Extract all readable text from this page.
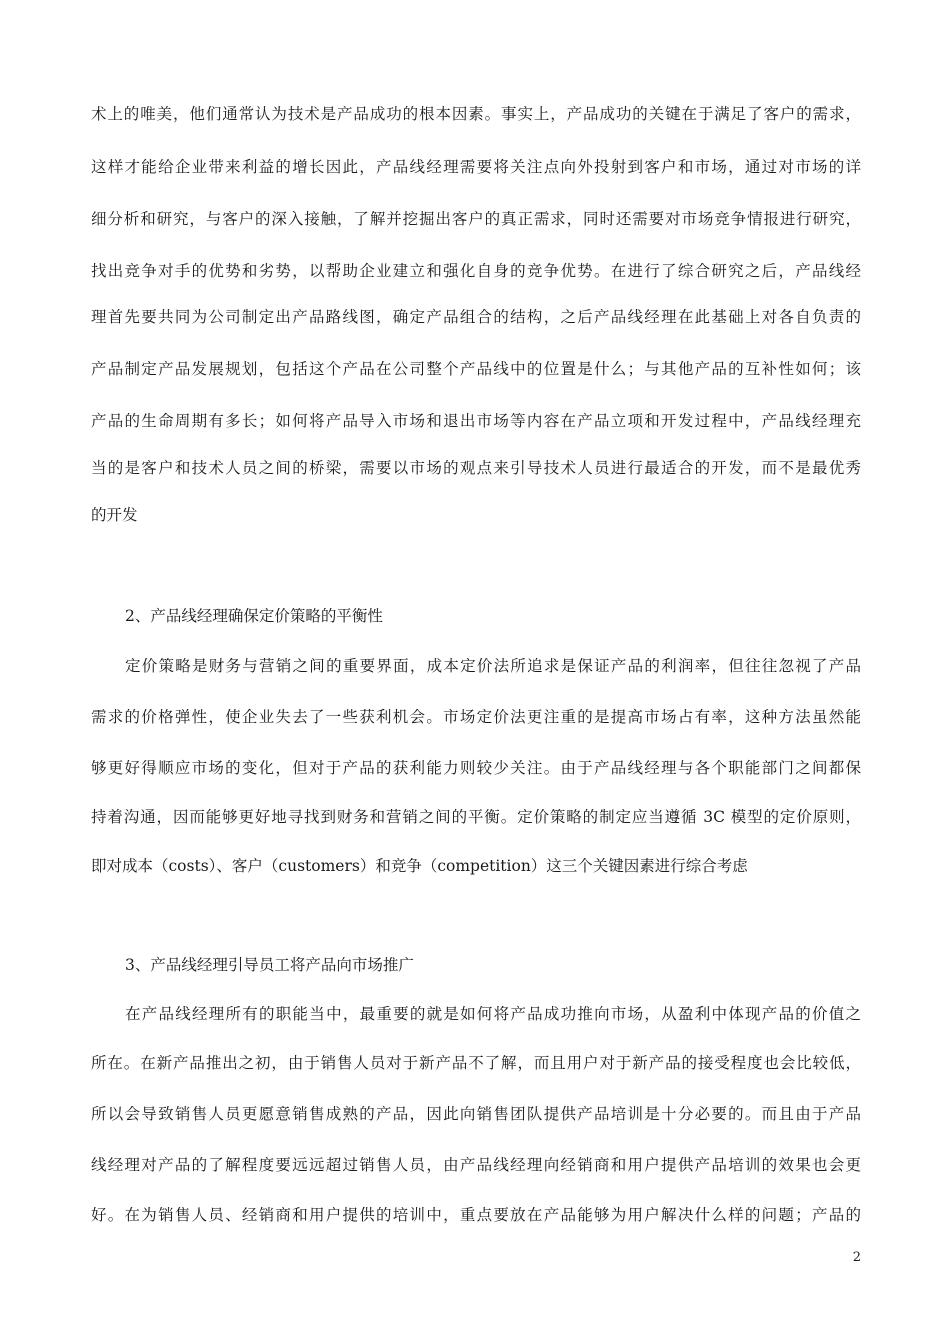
术上的唯美，他们通常认为技术是产品成功的根本因素。事实上，产品成功的关键在于满足了客户的需求，
这样才能给企业带来利益的增长因此，产品线经理需要将关注点向外投射到客户和市场，通过对市场的详
细分析和研究，与客户的深入接触，了解并挖掘出客户的真正需求，同时还需要对市场竞争情报进行研究，
找出竞争对手的优势和劣势，以帮助企业建立和强化自身的竞争优势。在进行了综合研究之后，产品线经
理首先要共同为公司制定出产品路线图，确定产品组合的结构，之后产品线经理在此基础上对各自负责的
产品制定产品发展规划，包括这个产品在公司整个产品线中的位置是什么；与其他产品的互补性如何；该
产品的生命周期有多长；如何将产品导入市场和退出市场等内容在产品立项和开发过程中，产品线经理充
当的是客户和技术人员之间的桥梁，需要以市场的观点来引导技术人员进行最适合的开发，而不是最优秀
的开发
2、产品线经理确保定价策略的平衡性
定价策略是财务与营销之间的重要界面，成本定价法所追求是保证产品的利润率，但往往忽视了产品
需求的价格弹性，使企业失去了一些获利机会。市场定价法更注重的是提高市场占有率，这种方法虽然能
够更好得顺应市场的变化，但对于产品的获利能力则较少关注。由于产品线经理与各个职能部门之间都保
持着沟通，因而能够更好地寻找到财务和营销之间的平衡。定价策略的制定应当遵循 3C 模型的定价原则，
即对成本（costs）、客户（customers）和竞争（competition）这三个关键因素进行综合考虑
3、产品线经理引导员工将产品向市场推广
在产品线经理所有的职能当中，最重要的就是如何将产品成功推向市场，从盈利中体现产品的价值之
所在。在新产品推出之初，由于销售人员对于新产品不了解，而且用户对于新产品的接受程度也会比较低，
所以会导致销售人员更愿意销售成熟的产品，因此向销售团队提供产品培训是十分必要的。而且由于产品
线经理对产品的了解程度要远远超过销售人员，由产品线经理向经销商和用户提供产品培训的效果也会更
好。在为销售人员、经销商和用户提供的培训中，重点要放在产品能够为用户解决什么样的问题；产品的
2
